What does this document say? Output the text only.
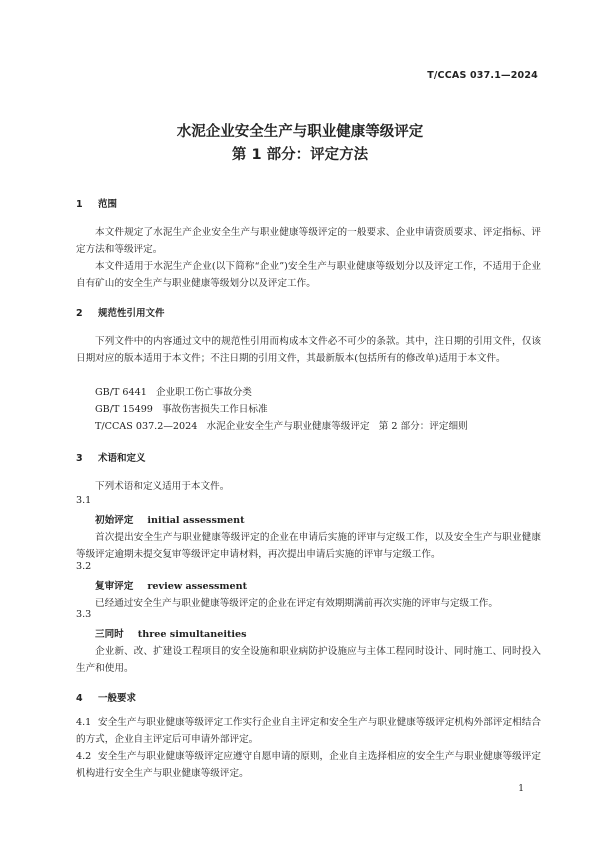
T/CCAS 037.1—2024
水泥企业安全生产与职业健康等级评定
第 1 部分：评定方法
1 范围
本文件规定了水泥生产企业安全生产与职业健康等级评定的一般要求、企业申请资质要求、评定指标、评定方法和等级评定。
本文件适用于水泥生产企业(以下简称“企业”)安全生产与职业健康等级划分以及评定工作，不适用于企业自有矿山的安全生产与职业健康等级划分以及评定工作。
2 规范性引用文件
下列文件中的内容通过文中的规范性引用而构成本文件必不可少的条款。其中，注日期的引用文件，仅该日期对应的版本适用于本文件；不注日期的引用文件，其最新版本(包括所有的修改单)适用于本文件。
GB/T 6441   企业职工伤亡事故分类
GB/T 15499   事故伤害损失工作日标准
T/CCAS 037.2—2024   水泥企业安全生产与职业健康等级评定   第 2 部分：评定细则
3 术语和定义
下列术语和定义适用于本文件。
3.1
初始评定 initial assessment
首次提出安全生产与职业健康等级评定的企业在申请后实施的评审与定级工作，以及安全生产与职业健康等级评定逾期未提交复审等级评定申请材料，再次提出申请后实施的评审与定级工作。
3.2
复审评定 review assessment
已经通过安全生产与职业健康等级评定的企业在评定有效期期满前再次实施的评审与定级工作。
3.3
三同时 three simultaneities
企业新、改、扩建设工程项目的安全设施和职业病防护设施应与主体工程同时设计、同时施工、同时投入生产和使用。
4 一般要求
4.1 安全生产与职业健康等级评定工作实行企业自主评定和安全生产与职业健康等级评定机构外部评定相结合的方式，企业自主评定后可申请外部评定。
4.2 安全生产与职业健康等级评定应遵守自愿申请的原则，企业自主选择相应的安全生产与职业健康等级评定机构进行安全生产与职业健康等级评定。
1
